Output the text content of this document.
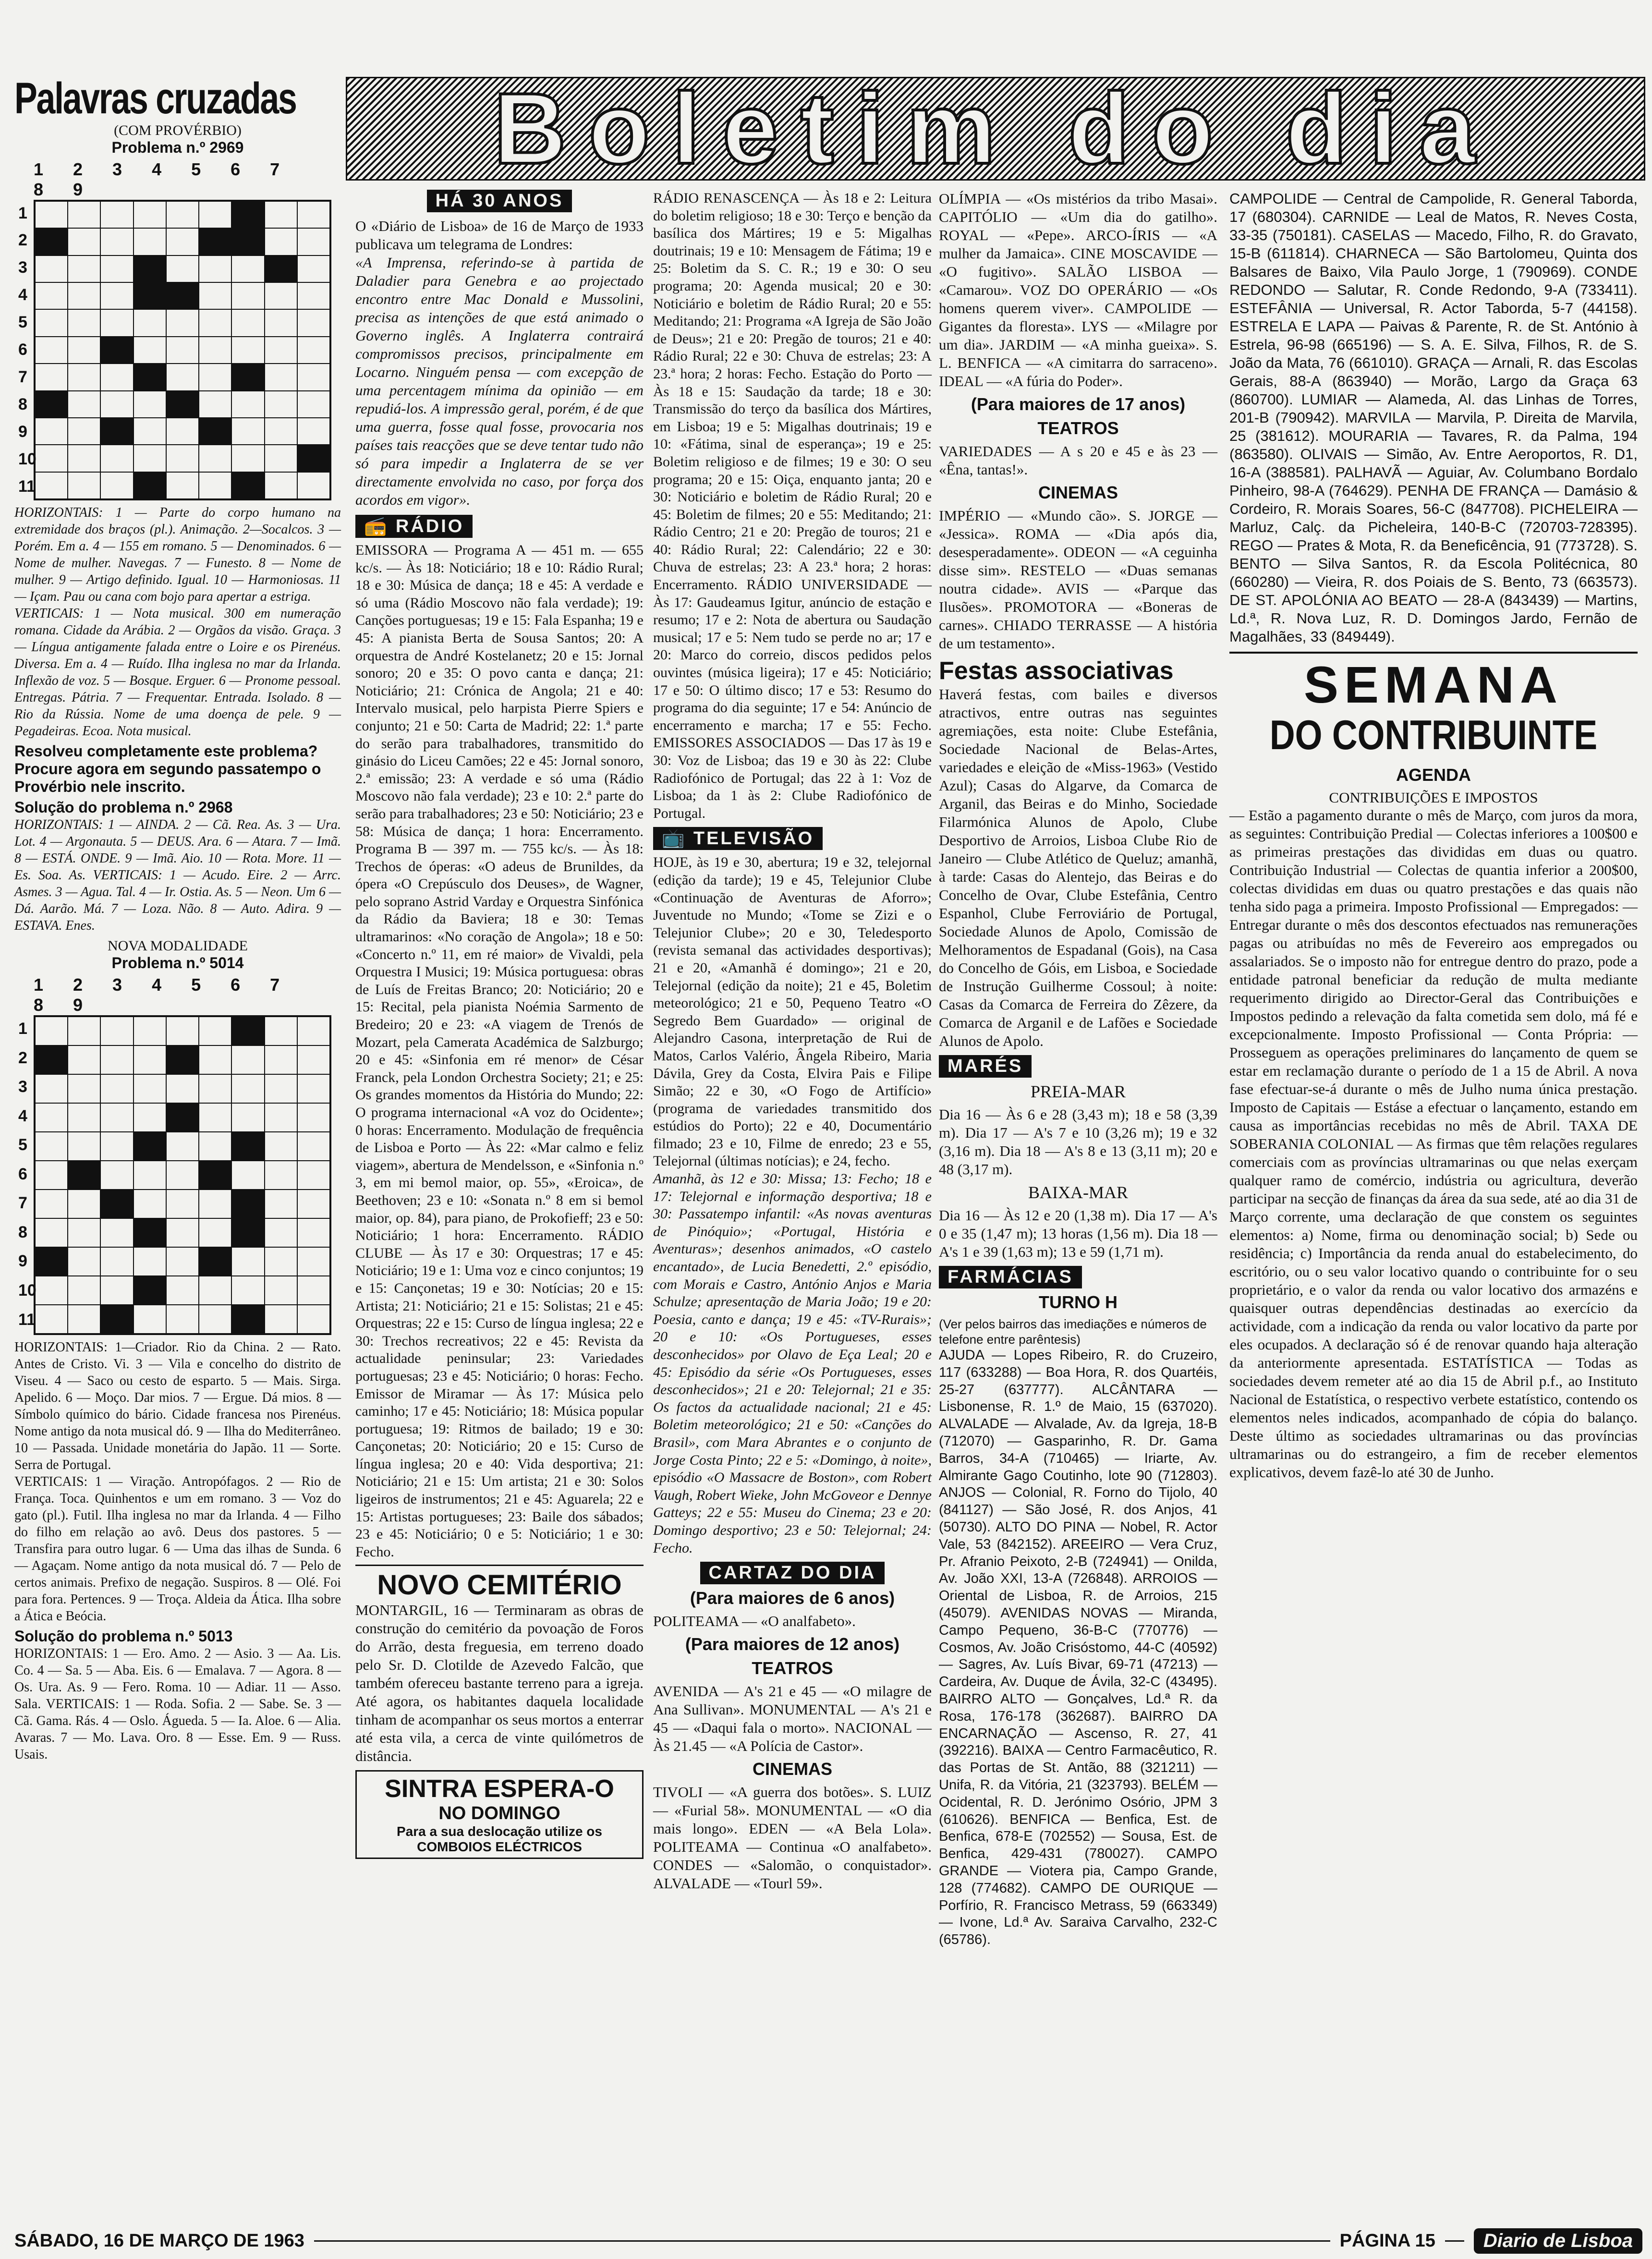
Boletim do dia
Palavras cruzadas
(COM PROVÉRBIO)
Problema n.º 2969
1 2 3 4 5 6 7 8 9
1
2
3
4
5
6
7
8
9
10
11
HORIZONTAIS: 1 — Parte do corpo humano na extremidade dos braços (pl.). Animação. 2—Socalcos. 3 — Porém. Em a. 4 — 155 em romano. 5 — Denominados. 6 — Nome de mulher. Navegas. 7 — Funesto. 8 — Nome de mulher. 9 — Artigo definido. Igual. 10 — Harmoniosas. 11 — Içam. Pau ou cana com bojo para apertar a estriga.
VERTICAIS: 1 — Nota musical. 300 em numeração romana. Cidade da Arábia. 2 — Orgãos da visão. Graça. 3 — Língua antigamente falada entre o Loire e os Pirenéus. Diversa. Em a. 4 — Ruído. Ilha inglesa no mar da Irlanda. Inflexão de voz. 5 — Bosque. Erguer. 6 — Pronome pessoal. Entregas. Pátria. 7 — Frequentar. Entrada. Isolado. 8 — Rio da Rússia. Nome de uma doença de pele. 9 — Pegadeiras. Ecoa. Nota musical.
Resolveu completamente este problema?
Procure agora em segundo passatempo o Provérbio nele inscrito.
Solução do problema n.º 2968
HORIZONTAIS: 1 — AINDA. 2 — Cã. Rea. As. 3 — Ura. Lot. 4 — Argonauta. 5 — DEUS. Ara. 6 — Atara. 7 — Imã. 8 — ESTÁ. ONDE. 9 — Imã. Aio. 10 — Rota. More. 11 — Es. Soa. As. VERTICAIS: 1 — Acudo. Eire. 2 — Arrc. Asmes. 3 — Agua. Tal. 4 — Ir. Ostia. As. 5 — Neon. Um 6 — Dá. Aarão. Má. 7 — Loza. Não. 8 — Auto. Adira. 9 — ESTAVA. Enes.
NOVA MODALIDADE
Problema n.º 5014
1 2 3 4 5 6 7 8 9
1
2
3
4
5
6
7
8
9
10
11
HORIZONTAIS: 1—Criador. Rio da China. 2 — Rato. Antes de Cristo. Vi. 3 — Vila e concelho do distrito de Viseu. 4 — Saco ou cesto de esparto. 5 — Mais. Sirga. Apelido. 6 — Moço. Dar mios. 7 — Ergue. Dá mios. 8 — Símbolo químico do bário. Cidade francesa nos Pirenéus. Nome antigo da nota musical dó. 9 — Ilha do Mediterrâneo. 10 — Passada. Unidade monetária do Japão. 11 — Sorte. Serra de Portugal.
VERTICAIS: 1 — Viração. Antropófagos. 2 — Rio de França. Toca. Quinhentos e um em romano. 3 — Voz do gato (pl.). Futil. Ilha inglesa no mar da Irlanda. 4 — Filho do filho em relação ao avô. Deus dos pastores. 5 — Transfira para outro lugar. 6 — Uma das ilhas de Sunda. 6 — Agaçam. Nome antigo da nota musical dó. 7 — Pelo de certos animais. Prefixo de negação. Suspiros. 8 — Olé. Foi para fora. Pertences. 9 — Troça. Aldeia da Ática. Ilha sobre a Ática e Beócia.
Solução do problema n.º 5013
HORIZONTAIS: 1 — Ero. Amo. 2 — Asio. 3 — Aa. Lis. Co. 4 — Sa. 5 — Aba. Eis. 6 — Emalava. 7 — Agora. 8 — Os. Ura. As. 9 — Fero. Roma. 10 — Adiar. 11 — Asso. Sala. VERTICAIS: 1 — Roda. Sofia. 2 — Sabe. Se. 3 — Cã. Gama. Rás. 4 — Oslo. Águeda. 5 — Ia. Aloe. 6 — Alia. Avaras. 7 — Mo. Lava. Oro. 8 — Esse. Em. 9 — Russ. Usais.
HÁ 30 ANOS
O «Diário de Lisboa» de 16 de Março de 1933 publicava um telegrama de Londres:
«A Imprensa, referindo-se à partida de Daladier para Genebra e ao projectado encontro entre Mac Donald e Mussolini, precisa as intenções de que está animado o Governo inglês. A Inglaterra contrairá compromissos precisos, principalmente em Locarno. Ninguém pensa — com excepção de uma percentagem mínima da opinião — em repudiá-los. A impressão geral, porém, é de que uma guerra, fosse qual fosse, provocaria nos países tais reacções que se deve tentar tudo não só para impedir a Inglaterra de se ver directamente envolvida no caso, por força dos acordos em vigor».
📻 RÁDIO
EMISSORA — Programa A — 451 m. — 655 kc/s. — Às 18: Noticiário; 18 e 10: Rádio Rural; 18 e 30: Música de dança; 18 e 45: A verdade e só uma (Rádio Moscovo não fala verdade); 19: Canções portuguesas; 19 e 15: Fala Espanha; 19 e 45: A pianista Berta de Sousa Santos; 20: A orquestra de André Kostelanetz; 20 e 15: Jornal sonoro; 20 e 35: O povo canta e dança; 21: Noticiário; 21: Crónica de Angola; 21 e 40: Intervalo musical, pelo harpista Pierre Spiers e conjunto; 21 e 50: Carta de Madrid; 22: 1.ª parte do serão para trabalhadores, transmitido do ginásio do Liceu Camões; 22 e 45: Jornal sonoro, 2.ª emissão; 23: A verdade e só uma (Rádio Moscovo não fala verdade); 23 e 10: 2.ª parte do serão para trabalhadores; 23 e 50: Noticiário; 23 e 58: Música de dança; 1 hora: Encerramento. Programa B — 397 m. — 755 kc/s. — Às 18: Trechos de óperas: «O adeus de Brunildes, da ópera «O Crepúsculo dos Deuses», de Wagner, pelo soprano Astrid Varday e Orquestra Sinfónica da Rádio da Baviera; 18 e 30: Temas ultramarinos: «No coração de Angola»; 18 e 50: «Concerto n.º 11, em ré maior» de Vivaldi, pela Orquestra I Musici; 19: Música portuguesa: obras de Luís de Freitas Branco; 20: Noticiário; 20 e 15: Recital, pela pianista Noémia Sarmento de Bredeiro; 20 e 23: «A viagem de Trenós de Mozart, pela Camerata Académica de Salzburgo; 20 e 45: «Sinfonia em ré menor» de César Franck, pela London Orchestra Society; 21; e 25: Os grandes momentos da História do Mundo; 22: O programa internacional «A voz do Ocidente»; 0 horas: Encerramento. Modulação de frequência de Lisboa e Porto — Às 22: «Mar calmo e feliz viagem», abertura de Mendelsson, e «Sinfonia n.º 3, em mi bemol maior, op. 55», «Eroica», de Beethoven; 23 e 10: «Sonata n.º 8 em si bemol maior, op. 84), para piano, de Prokofieff; 23 e 50: Noticiário; 1 hora: Encerramento. RÁDIO CLUBE — Às 17 e 30: Orquestras; 17 e 45: Noticiário; 19 e 1: Uma voz e cinco conjuntos; 19 e 15: Cançonetas; 19 e 30: Notícias; 20 e 15: Artista; 21: Noticiário; 21 e 15: Solistas; 21 e 45: Orquestras; 22 e 15: Curso de língua inglesa; 22 e 30: Trechos recreativos; 22 e 45: Revista da actualidade peninsular; 23: Variedades portuguesas; 23 e 45: Noticiário; 0 horas: Fecho. Emissor de Miramar — Às 17: Música pelo caminho; 17 e 45: Noticiário; 18: Música popular portuguesa; 19: Ritmos de bailado; 19 e 30: Cançonetas; 20: Noticiário; 20 e 15: Curso de língua inglesa; 20 e 40: Vida desportiva; 21: Noticiário; 21 e 15: Um artista; 21 e 30: Solos ligeiros de instrumentos; 21 e 45: Aguarela; 22 e 15: Artistas portugueses; 23: Baile dos sábados; 23 e 45: Noticiário; 0 e 5: Noticiário; 1 e 30: Fecho.
NOVO CEMITÉRIO
MONTARGIL, 16 — Terminaram as obras de construção do cemitério da povoação de Foros do Arrão, desta freguesia, em terreno doado pelo Sr. D. Clotilde de Azevedo Falcão, que também ofereceu bastante terreno para a igreja. Até agora, os habitantes daquela localidade tinham de acompanhar os seus mortos a enterrar até esta vila, a cerca de vinte quilómetros de distância.
SINTRA ESPERA-O
NO DOMINGO
Para a sua deslocação utilize os COMBOIOS ELÉCTRICOS
RÁDIO RENASCENÇA — Às 18 e 2: Leitura do boletim religioso; 18 e 30: Terço e benção da basílica dos Mártires; 19 e 5: Migalhas doutrinais; 19 e 10: Mensagem de Fátima; 19 e 25: Boletim da S. C. R.; 19 e 30: O seu programa; 20: Agenda musical; 20 e 30: Noticiário e boletim de Rádio Rural; 20 e 55: Meditando; 21: Programa «A Igreja de São João de Deus»; 21 e 20: Pregão de touros; 21 e 40: Rádio Rural; 22 e 30: Chuva de estrelas; 23: A 23.ª hora; 2 horas: Fecho. Estação do Porto — Às 18 e 15: Saudação da tarde; 18 e 30: Transmissão do terço da basílica dos Mártires, em Lisboa; 19 e 5: Migalhas doutrinais; 19 e 10: «Fátima, sinal de esperança»; 19 e 25: Boletim religioso e de filmes; 19 e 30: O seu programa; 20 e 15: Oiça, enquanto janta; 20 e 30: Noticiário e boletim de Rádio Rural; 20 e 45: Boletim de filmes; 20 e 55: Meditando; 21: Rádio Centro; 21 e 20: Pregão de touros; 21 e 40: Rádio Rural; 22: Calendário; 22 e 30: Chuva de estrelas; 23: A 23.ª hora; 2 horas: Encerramento. RÁDIO UNIVERSIDADE — Às 17: Gaudeamus Igitur, anúncio de estação e resumo; 17 e 2: Nota de abertura ou Saudação musical; 17 e 5: Nem tudo se perde no ar; 17 e 20: Marco do correio, discos pedidos pelos ouvintes (música ligeira); 17 e 45: Noticiário; 17 e 50: O último disco; 17 e 53: Resumo do programa do dia seguinte; 17 e 54: Anúncio de encerramento e marcha; 17 e 55: Fecho. EMISSORES ASSOCIADOS — Das 17 às 19 e 30: Voz de Lisboa; das 19 e 30 às 22: Clube Radiofónico de Portugal; das 22 à 1: Voz de Lisboa; da 1 às 2: Clube Radiofónico de Portugal.
📺 TELEVISÃO
HOJE, às 19 e 30, abertura; 19 e 32, telejornal (edição da tarde); 19 e 45, Telejunior Clube «Continuação de Aventuras de Aforro»; Juventude no Mundo; «Tome se Zizi e o Telejunior Clube»; 20 e 30, Teledesporto (revista semanal das actividades desportivas); 21 e 20, «Amanhã é domingo»; 21 e 20, Telejornal (edição da noite); 21 e 45, Boletim meteorológico; 21 e 50, Pequeno Teatro «O Segredo Bem Guardado» — original de Alejandro Casona, interpretação de Rui de Matos, Carlos Valério, Ângela Ribeiro, Maria Dávila, Grey da Costa, Elvira Pais e Filipe Simão; 22 e 30, «O Fogo de Artifício» (programa de variedades transmitido dos estúdios do Porto); 22 e 40, Documentário filmado; 23 e 10, Filme de enredo; 23 e 55, Telejornal (últimas notícias); e 24, fecho.
Amanhã, às 12 e 30: Missa; 13: Fecho; 18 e 17: Telejornal e informação desportiva; 18 e 30: Passatempo infantil: «As novas aventuras de Pinóquio»; «Portugal, História e Aventuras»; desenhos animados, «O castelo encantado», de Lucia Benedetti, 2.º episódio, com Morais e Castro, António Anjos e Maria Schulze; apresentação de Maria João; 19 e 20: Poesia, canto e dança; 19 e 45: «TV-Rurais»; 20 e 10: «Os Portugueses, esses desconhecidos» por Olavo de Eça Leal; 20 e 45: Episódio da série «Os Portugueses, esses desconhecidos»; 21 e 20: Telejornal; 21 e 35: Os factos da actualidade nacional; 21 e 45: Boletim meteorológico; 21 e 50: «Canções do Brasil», com Mara Abrantes e o conjunto de Jorge Costa Pinto; 22 e 5: «Domingo, à noite», episódio «O Massacre de Boston», com Robert Vaugh, Robert Wieke, John McGoveor e Dennye Gatteys; 22 e 55: Museu do Cinema; 23 e 20: Domingo desportivo; 23 e 50: Telejornal; 24: Fecho.
CARTAZ DO DIA
(Para maiores de 6 anos)
POLITEAMA — «O analfabeto».
(Para maiores de 12 anos)
TEATROS
AVENIDA — A's 21 e 45 — «O milagre de Ana Sullivan». MONUMENTAL — A's 21 e 45 — «Daqui fala o morto». NACIONAL — Às 21.45 — «A Polícia de Castor».
CINEMAS
TIVOLI — «A guerra dos botões». S. LUIZ — «Furial 58». MONUMENTAL — «O dia mais longo». EDEN — «A Bela Lola». POLITEAMA — Continua «O analfabeto». CONDES — «Salomão, o conquistador». ALVALADE — «Tourl 59».
OLÍMPIA — «Os mistérios da tribo Masai». CAPITÓLIO — «Um dia do gatilho». ROYAL — «Pepe». ARCO-ÍRIS — «A mulher da Jamaica». CINE MOSCAVIDE — «O fugitivo». SALÃO LISBOA — «Camarou». VOZ DO OPERÁRIO — «Os homens querem viver». CAMPOLIDE — Gigantes da floresta». LYS — «Milagre por um dia». JARDIM — «A minha gueixa». S. L. BENFICA — «A cimitarra do sarraceno». IDEAL — «A fúria do Poder».
(Para maiores de 17 anos)
TEATROS
VARIEDADES — A s 20 e 45 e às 23 — «Êna, tantas!».
CINEMAS
IMPÉRIO — «Mundo cão». S. JORGE — «Jessica». ROMA — «Dia após dia, desesperadamente». ODEON — «A ceguinha disse sim». RESTELO — «Duas semanas noutra cidade». AVIS — «Parque das Ilusões». PROMOTORA — «Boneras de carnes». CHIADO TERRASSE — A história de um testamento».
Festas associativas
Haverá festas, com bailes e diversos atractivos, entre outras nas seguintes agremiações, esta noite: Clube Estefânia, Sociedade Nacional de Belas-Artes, variedades e eleição de «Miss-1963» (Vestido Azul); Casas do Algarve, da Comarca de Arganil, das Beiras e do Minho, Sociedade Filarmónica Alunos de Apolo, Clube Desportivo de Arroios, Lisboa Clube Rio de Janeiro — Clube Atlético de Queluz; amanhã, à tarde: Casas do Alentejo, das Beiras e do Concelho de Ovar, Clube Estefânia, Centro Espanhol, Clube Ferroviário de Portugal, Sociedade Alunos de Apolo, Comissão de Melhoramentos de Espadanal (Gois), na Casa do Concelho de Góis, em Lisboa, e Sociedade de Instrução Guilherme Cossoul; à noite: Casas da Comarca de Ferreira do Zêzere, da Comarca de Arganil e de Lafões e Sociedade Alunos de Apolo.
MARÉS
PREIA-MAR
Dia 16 — Às 6 e 28 (3,43 m); 18 e 58 (3,39 m). Dia 17 — A's 7 e 10 (3,26 m); 19 e 32 (3,16 m). Dia 18 — A's 8 e 13 (3,11 m); 20 e 48 (3,17 m).
BAIXA-MAR
Dia 16 — Às 12 e 20 (1,38 m). Dia 17 — A's 0 e 35 (1,47 m); 13 horas (1,56 m). Dia 18 — A's 1 e 39 (1,63 m); 13 e 59 (1,71 m).
FARMÁCIAS
TURNO H
(Ver pelos bairros das imediações e números de telefone entre parêntesis)
AJUDA — Lopes Ribeiro, R. do Cruzeiro, 117 (633288) — Boa Hora, R. dos Quartéis, 25-27 (637777). ALCÂNTARA — Lisbonense, R. 1.º de Maio, 15 (637020). ALVALADE — Alvalade, Av. da Igreja, 18-B (712070) — Gasparinho, R. Dr. Gama Barros, 34-A (710465) — Iriarte, Av. Almirante Gago Coutinho, lote 90 (712803). ANJOS — Colonial, R. Forno do Tijolo, 40 (841127) — São José, R. dos Anjos, 41 (50730). ALTO DO PINA — Nobel, R. Actor Vale, 53 (842152). AREEIRO — Vera Cruz, Pr. Afranio Peixoto, 2-B (724941) — Onilda, Av. João XXI, 13-A (726848). ARROIOS — Oriental de Lisboa, R. de Arroios, 215 (45079). AVENIDAS NOVAS — Miranda, Campo Pequeno, 36-B-C (770776) — Cosmos, Av. João Crisóstomo, 44-C (40592) — Sagres, Av. Luís Bivar, 69-71 (47213) — Cardeira, Av. Duque de Ávila, 32-C (43495). BAIRRO ALTO — Gonçalves, Ld.ª R. da Rosa, 176-178 (362687). BAIRRO DA ENCARNAÇÃO — Ascenso, R. 27, 41 (392216). BAIXA — Centro Farmacêutico, R. das Portas de St. Antão, 88 (321211) — Unifa, R. da Vitória, 21 (323793). BELÉM — Ocidental, R. D. Jerónimo Osório, JPM 3 (610626). BENFICA — Benfica, Est. de Benfica, 678-E (702552) — Sousa, Est. de Benfica, 429-431 (780027). CAMPO GRANDE — Viotera pia, Campo Grande, 128 (774682). CAMPO DE OURIQUE — Porfírio, R. Francisco Metrass, 59 (663349) — Ivone, Ld.ª Av. Saraiva Carvalho, 232-C (65786).
CAMPOLIDE — Central de Campolide, R. General Taborda, 17 (680304). CARNIDE — Leal de Matos, R. Neves Costa, 33-35 (750181). CASELAS — Macedo, Filho, R. do Gravato, 15-B (611814). CHARNECA — São Bartolomeu, Quinta dos Balsares de Baixo, Vila Paulo Jorge, 1 (790969). CONDE REDONDO — Salutar, R. Conde Redondo, 9-A (733411). ESTEFÂNIA — Universal, R. Actor Taborda, 5-7 (44158). ESTRELA E LAPA — Paivas & Parente, R. de St. António à Estrela, 96-98 (665196) — S. A. E. Silva, Filhos, R. de S. João da Mata, 76 (661010). GRAÇA — Arnali, R. das Escolas Gerais, 88-A (863940) — Morão, Largo da Graça 63 (860700). LUMIAR — Alameda, Al. das Linhas de Torres, 201-B (790942). MARVILA — Marvila, P. Direita de Marvila, 25 (381612). MOURARIA — Tavares, R. da Palma, 194 (863580). OLIVAIS — Simão, Av. Entre Aeroportos, R. D1, 16-A (388581). PALHAVÃ — Aguiar, Av. Columbano Bordalo Pinheiro, 98-A (764629). PENHA DE FRANÇA — Damásio & Cordeiro, R. Morais Soares, 56-C (847708). PICHELEIRA — Marluz, Calç. da Picheleira, 140-B-C (720703-728395). REGO — Prates & Mota, R. da Beneficência, 91 (773728). S. BENTO — Silva Santos, R. da Escola Politécnica, 80 (660280) — Vieira, R. dos Poiais de S. Bento, 73 (663573). DE ST. APOLÓNIA AO BEATO — 28-A (843439) — Martins, Ld.ª, R. Nova Luz, R. D. Domingos Jardo, Fernão de Magalhães, 33 (849449).
SEMANA
DO CONTRIBUINTE
AGENDA
CONTRIBUIÇÕES E IMPOSTOS
— Estão a pagamento durante o mês de Março, com juros da mora, as seguintes: Contribuição Predial — Colectas inferiores a 100$00 e as primeiras prestações das divididas em duas ou quatro. Contribuição Industrial — Colectas de quantia inferior a 200$00, colectas divididas em duas ou quatro prestações e das quais não tenha sido paga a primeira. Imposto Profissional — Empregados: — Entregar durante o mês dos descontos efectuados nas remunerações pagas ou atribuídas no mês de Fevereiro aos empregados ou assalariados. Se o imposto não for entregue dentro do prazo, pode a entidade patronal beneficiar da redução de multa mediante requerimento dirigido ao Director-Geral das Contribuições e Impostos pedindo a relevação da falta cometida sem dolo, má fé e excepcionalmente. Imposto Profissional — Conta Própria: — Prosseguem as operações preliminares do lançamento de quem se estar em reclamação durante o período de 1 a 15 de Abril. A nova fase efectuar-se-á durante o mês de Julho numa única prestação. Imposto de Capitais — Estáse a efectuar o lançamento, estando em causa as importâncias recebidas no mês de Abril. TAXA DE SOBERANIA COLONIAL — As firmas que têm relações regulares comerciais com as províncias ultramarinas ou que nelas exerçam qualquer ramo de comércio, indústria ou agricultura, deverão participar na secção de finanças da área da sua sede, até ao dia 31 de Março corrente, uma declaração de que constem os seguintes elementos: a) Nome, firma ou denominação social; b) Sede ou residência; c) Importância da renda anual do estabelecimento, do escritório, ou o seu valor locativo quando o contribuinte for o seu proprietário, e o valor da renda ou valor locativo dos armazéns e quaisquer outras dependências destinadas ao exercício da actividade, com a indicação da renda ou valor locativo da parte por eles ocupados. A declaração só é de renovar quando haja alteração da anteriormente apresentada. ESTATÍSTICA — Todas as sociedades devem remeter até ao dia 15 de Abril p.f., ao Instituto Nacional de Estatística, o respectivo verbete estatístico, contendo os elementos neles indicados, acompanhado de cópia do balanço. Deste último as sociedades ultramarinas ou das províncias ultramarinas ou do estrangeiro, a fim de receber elementos explicativos, devem fazê-lo até 30 de Junho.
SÁBADO, 16 DE MARÇO DE 1963	PÁGINA 15	Diario de Lisboa
